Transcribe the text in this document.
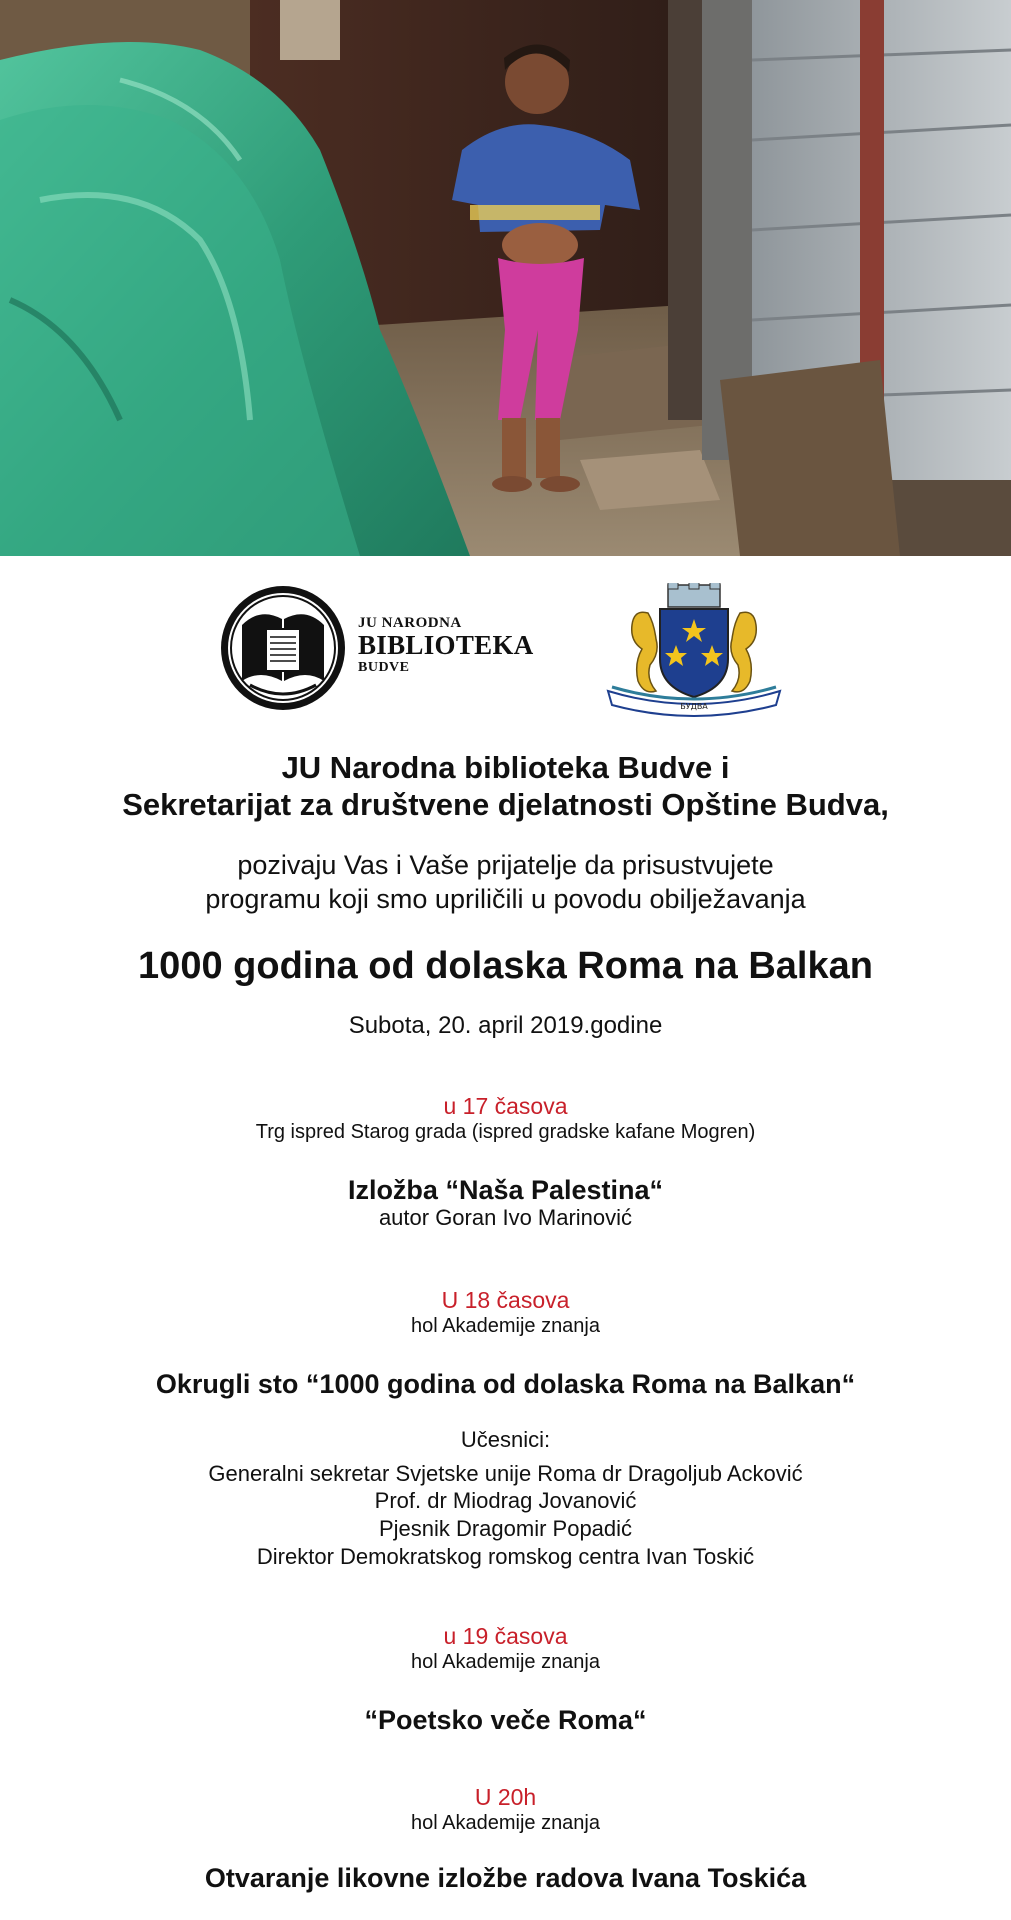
JU NARODNA
BIBLIOTEKA
BUDVE
БУДВА
JU Narodna biblioteka Budve i
Sekretarijat za društvene djelatnosti Opštine Budva,
pozivaju Vas i Vaše prijatelje da prisustvujete
programu koji smo upriličili u povodu obilježavanja
1000 godina od dolaska Roma na Balkan
Subota, 20. april 2019.godine
u 17 časova
Trg ispred Starog grada (ispred gradske kafane Mogren)
Izložba “Naša Palestina“
autor Goran Ivo Marinović
U 18 časova
hol Akademije znanja
Okrugli sto “1000 godina od dolaska Roma na Balkan“
Učesnici:
Generalni sekretar Svjetske unije Roma dr Dragoljub Acković
Prof. dr Miodrag Jovanović
Pjesnik Dragomir Popadić
Direktor Demokratskog romskog centra Ivan Toskić
u 19 časova
hol Akademije znanja
“Poetsko veče Roma“
U 20h
hol Akademije znanja
Otvaranje likovne izložbe radova Ivana Toskića
